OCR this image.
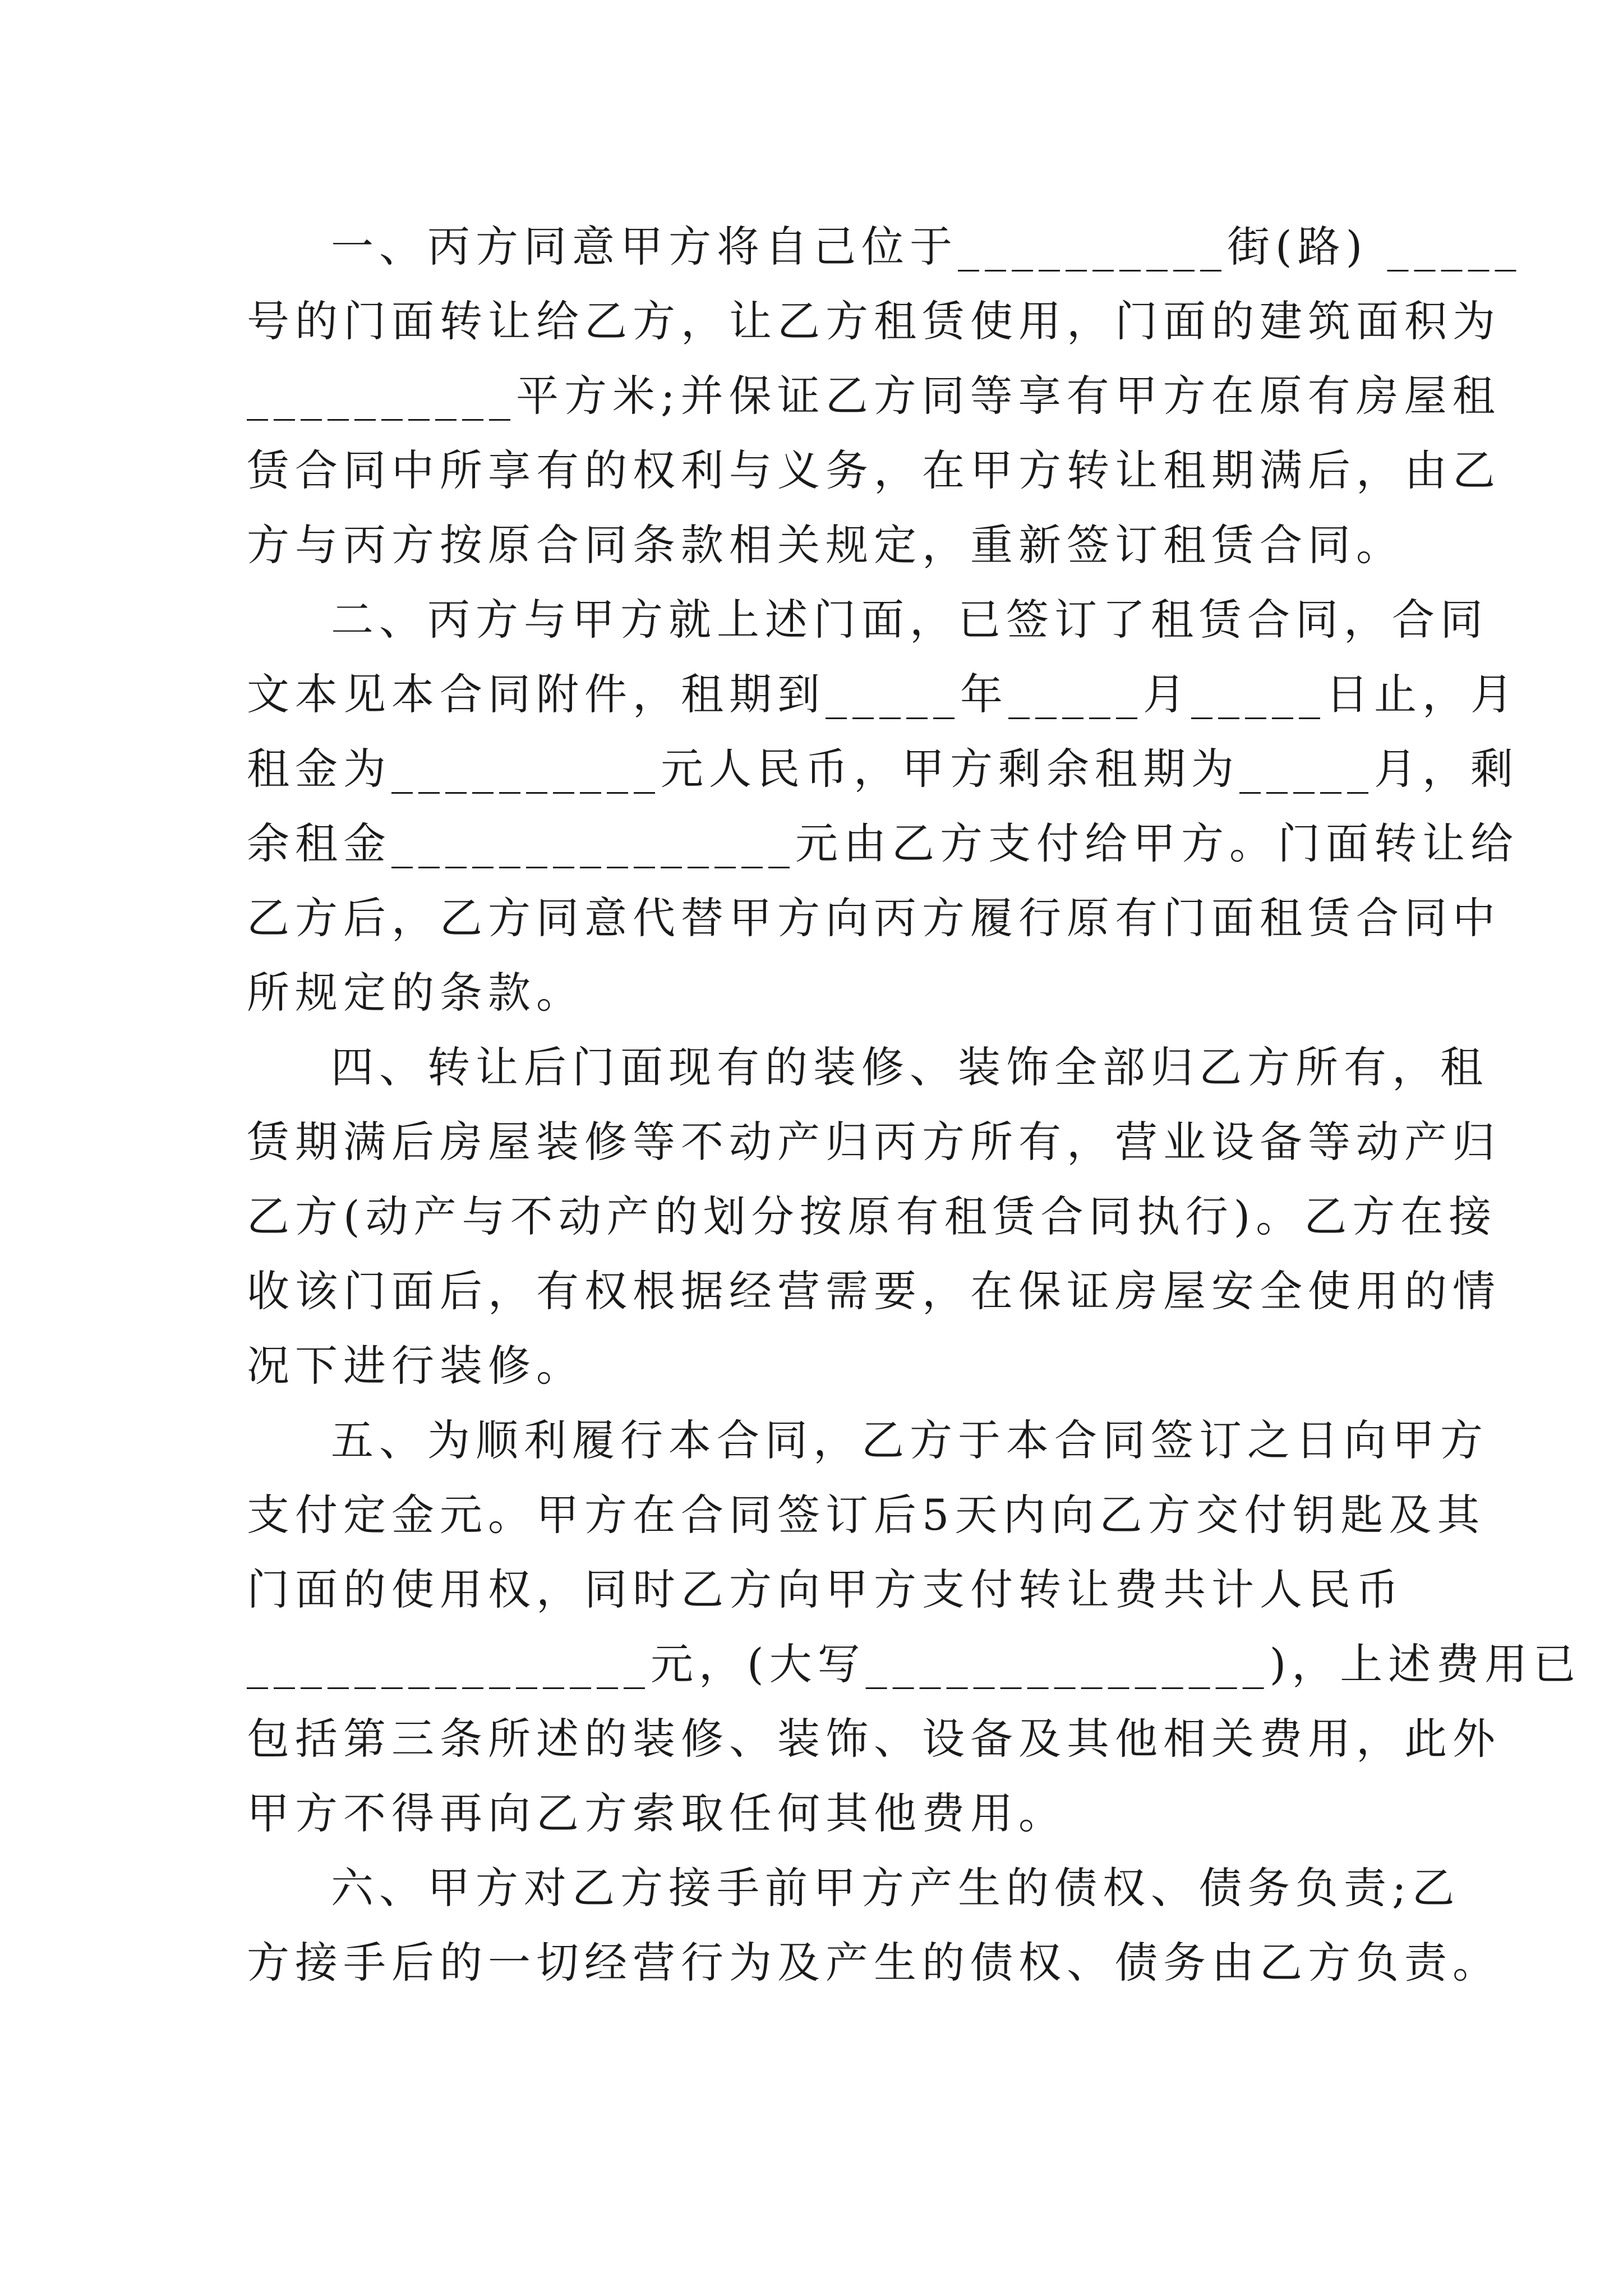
一、丙方同意甲方将自己位于__________街(路) _____
号的门面转让给乙方，让乙方租赁使用，门面的建筑面积为
__________平方米;并保证乙方同等享有甲方在原有房屋租
赁合同中所享有的权利与义务，在甲方转让租期满后，由乙
方与丙方按原合同条款相关规定，重新签订租赁合同。
二、丙方与甲方就上述门面，已签订了租赁合同，合同
文本见本合同附件，租期到_____年_____月_____日止，月
租金为__________元人民币，甲方剩余租期为_____月，剩
余租金_______________元由乙方支付给甲方。门面转让给
乙方后，乙方同意代替甲方向丙方履行原有门面租赁合同中
所规定的条款。
四、转让后门面现有的装修、装饰全部归乙方所有，租
赁期满后房屋装修等不动产归丙方所有，营业设备等动产归
乙方(动产与不动产的划分按原有租赁合同执行)。乙方在接
收该门面后，有权根据经营需要，在保证房屋安全使用的情
况下进行装修。
五、为顺利履行本合同，乙方于本合同签订之日向甲方
支付定金元。甲方在合同签订后5天内向乙方交付钥匙及其
门面的使用权，同时乙方向甲方支付转让费共计人民币
_______________元，(大写_______________)，上述费用已
包括第三条所述的装修、装饰、设备及其他相关费用，此外
甲方不得再向乙方索取任何其他费用。
六、甲方对乙方接手前甲方产生的债权、债务负责;乙
方接手后的一切经营行为及产生的债权、债务由乙方负责。
